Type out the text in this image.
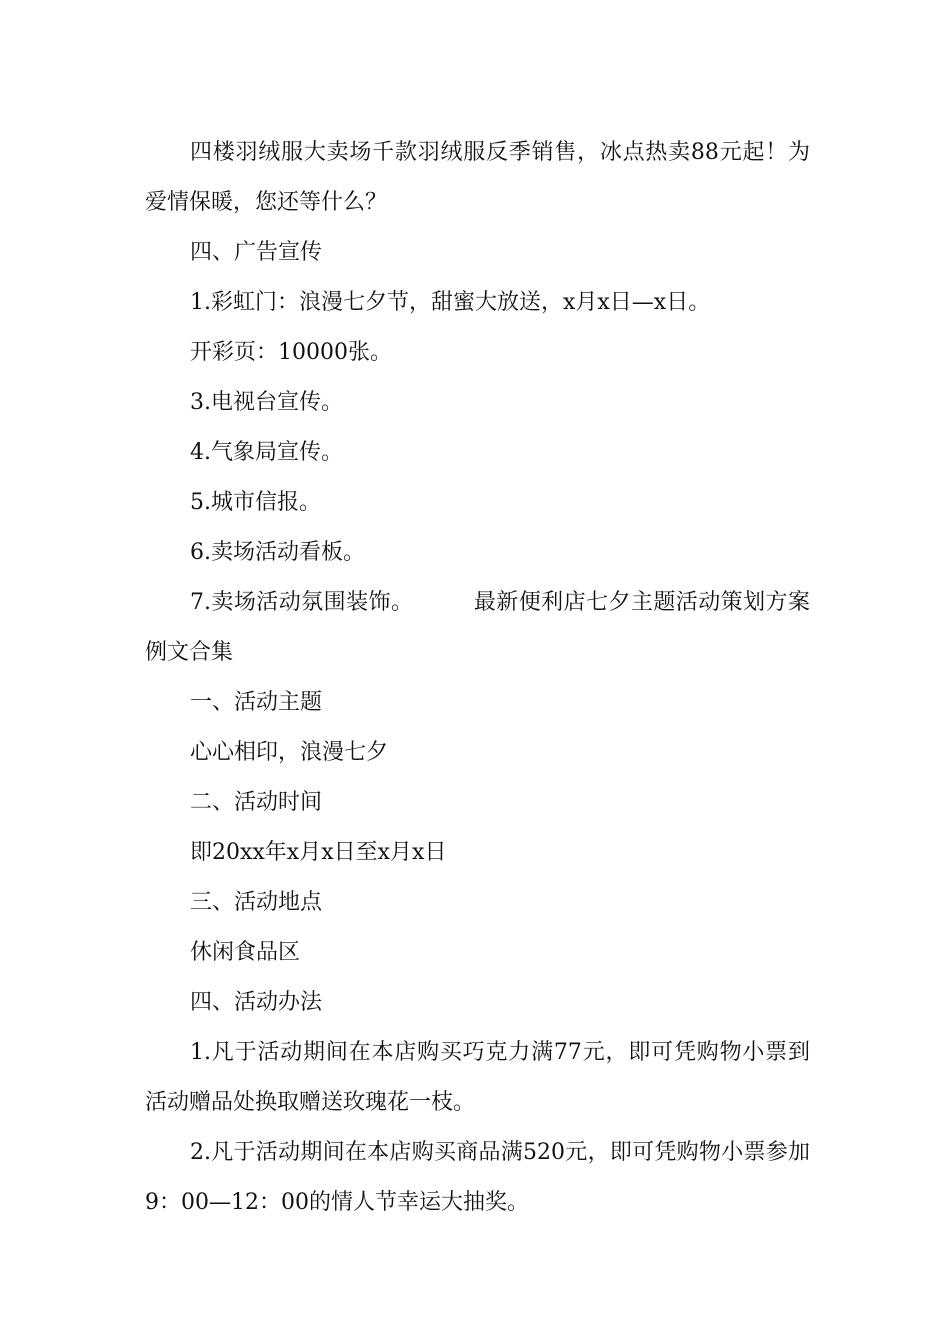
四楼羽绒服大卖场千款羽绒服反季销售，冰点热卖88元起！为爱情保暖，您还等什么？

四、广告宣传

1.彩虹门：浪漫七夕节，甜蜜大放送，x月x日—x日。

开彩页：10000张。

3.电视台宣传。

4.气象局宣传。

5.城市信报。

6.卖场活动看板。

7.卖场活动氛围装饰。	最新便利店七夕主题活动策划方案例文合集

一、活动主题

心心相印，浪漫七夕

二、活动时间

即20xx年x月x日至x月x日

三、活动地点

休闲食品区

四、活动办法

1.凡于活动期间在本店购买巧克力满77元，即可凭购物小票到活动赠品处换取赠送玫瑰花一枝。

2.凡于活动期间在本店购买商品满520元，即可凭购物小票参加9：00—12：00的情人节幸运大抽奖。
